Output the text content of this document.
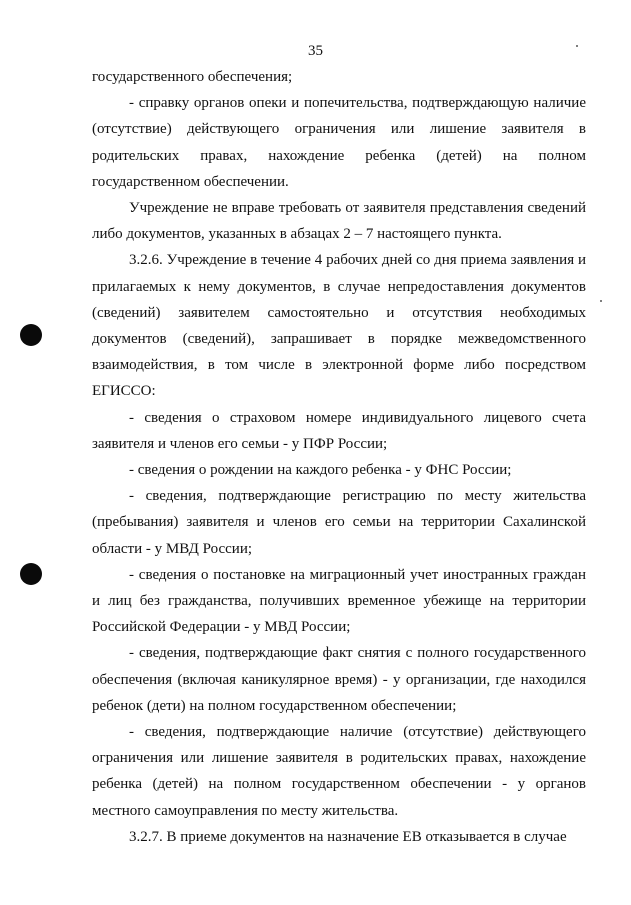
35

государственного обеспечения;

- справку органов опеки и попечительства, подтверждающую наличие (отсутствие) действующего ограничения или лишение заявителя в родительских правах, нахождение ребенка (детей) на полном государственном обеспечении.

Учреждение не вправе требовать от заявителя представления сведений либо документов, указанных в абзацах 2 – 7 настоящего пункта.

3.2.6. Учреждение в течение 4 рабочих дней со дня приема заявления и прилагаемых к нему документов, в случае непредоставления документов (сведений) заявителем самостоятельно и отсутствия необходимых документов (сведений), запрашивает в порядке межведомственного взаимодействия, в том числе в электронной форме либо посредством ЕГИССО:

- сведения о страховом номере индивидуального лицевого счета заявителя и членов его семьи - у ПФР России;

- сведения о рождении на каждого ребенка - у ФНС России;

- сведения, подтверждающие регистрацию по месту жительства (пребывания) заявителя и членов его семьи на территории Сахалинской области - у МВД России;

- сведения о постановке на миграционный учет иностранных граждан и лиц без гражданства, получивших временное убежище на территории Российской Федерации - у МВД России;

- сведения, подтверждающие факт снятия с полного государственного обеспечения (включая каникулярное время) - у организации, где находился ребенок (дети) на полном государственном обеспечении;

- сведения, подтверждающие наличие (отсутствие) действующего ограничения или лишение заявителя в родительских правах, нахождение ребенка (детей) на полном государственном обеспечении - у органов местного самоуправления по месту жительства.

3.2.7. В приеме документов на назначение ЕВ отказывается в случае
